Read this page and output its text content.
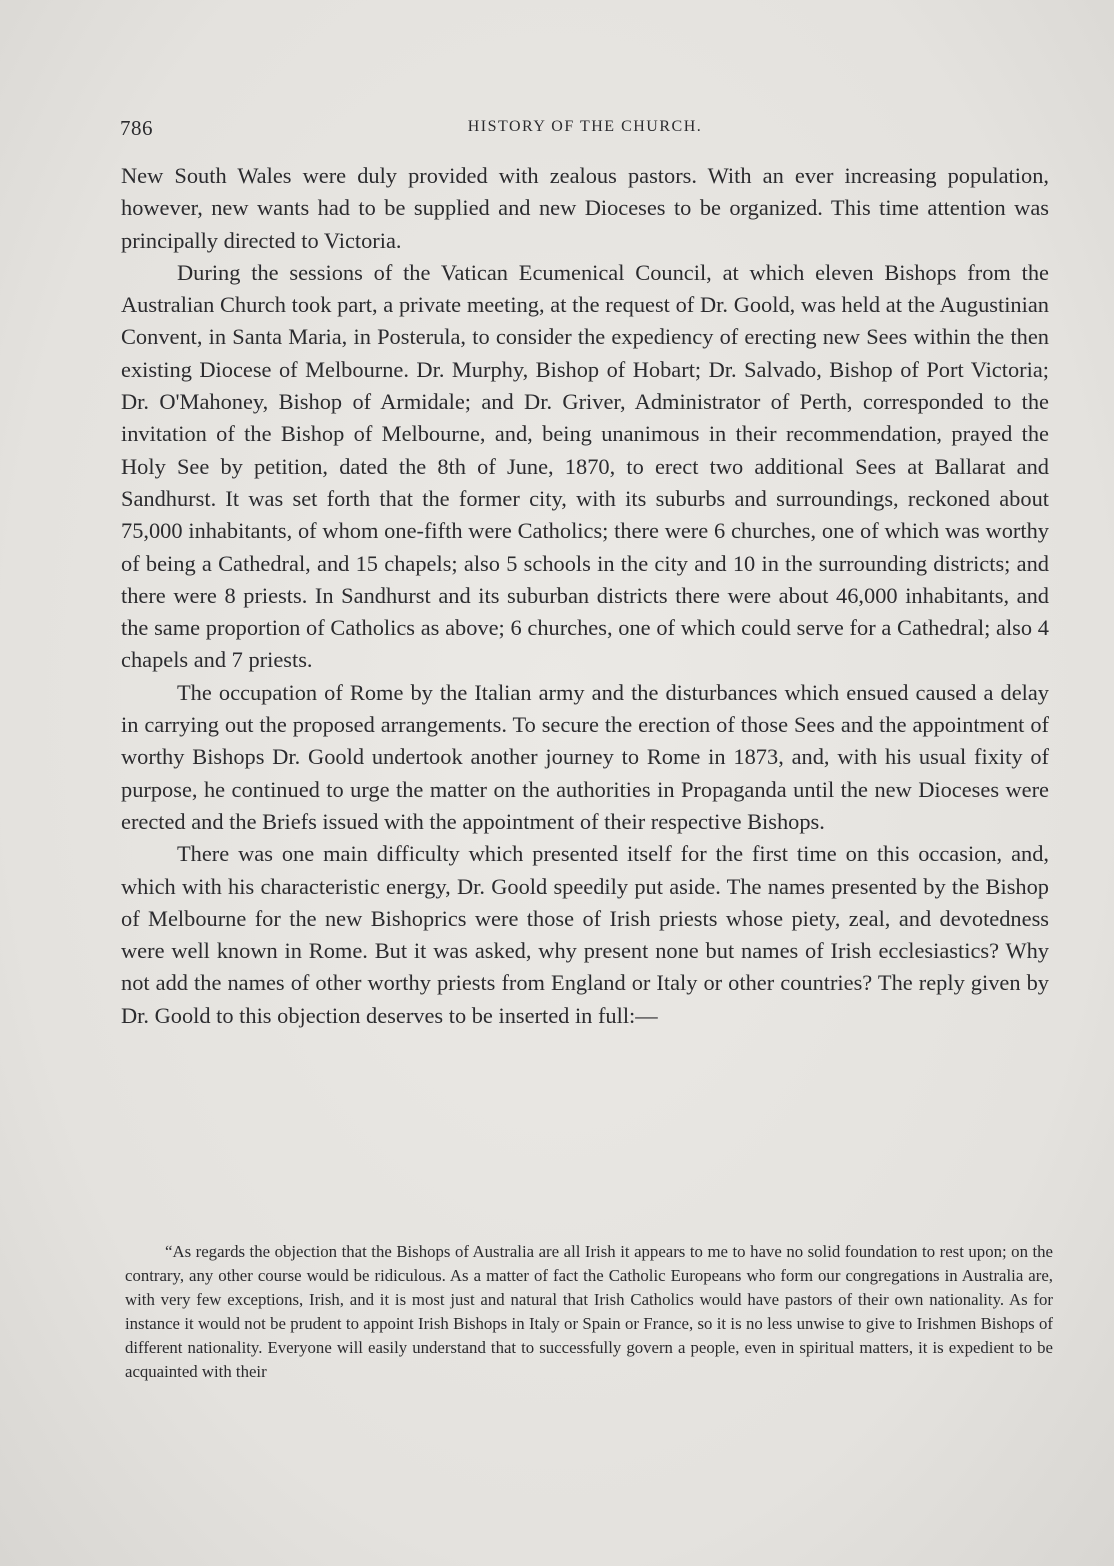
786	HISTORY OF THE CHURCH.

New South Wales were duly provided with zealous pastors. With an ever increasing population, however, new wants had to be supplied and new Dioceses to be organized. This time attention was principally directed to Victoria.

During the sessions of the Vatican Ecumenical Council, at which eleven Bishops from the Australian Church took part, a private meeting, at the request of Dr. Goold, was held at the Augustinian Convent, in Santa Maria, in Posterula, to consider the expediency of erecting new Sees within the then existing Diocese of Melbourne. Dr. Murphy, Bishop of Hobart; Dr. Salvado, Bishop of Port Victoria; Dr. O'Mahoney, Bishop of Armidale; and Dr. Griver, Administrator of Perth, corresponded to the invitation of the Bishop of Melbourne, and, being unanimous in their recommendation, prayed the Holy See by petition, dated the 8th of June, 1870, to erect two additional Sees at Ballarat and Sandhurst. It was set forth that the former city, with its suburbs and surroundings, reckoned about 75,000 inhabitants, of whom one-fifth were Catholics; there were 6 churches, one of which was worthy of being a Cathedral, and 15 chapels; also 5 schools in the city and 10 in the surrounding districts; and there were 8 priests. In Sandhurst and its suburban districts there were about 46,000 inhabitants, and the same proportion of Catholics as above; 6 churches, one of which could serve for a Cathedral; also 4 chapels and 7 priests.

The occupation of Rome by the Italian army and the disturbances which ensued caused a delay in carrying out the proposed arrangements. To secure the erection of those Sees and the appointment of worthy Bishops Dr. Goold undertook another journey to Rome in 1873, and, with his usual fixity of purpose, he continued to urge the matter on the authorities in Propaganda until the new Dioceses were erected and the Briefs issued with the appointment of their respective Bishops.

There was one main difficulty which presented itself for the first time on this occasion, and, which with his characteristic energy, Dr. Goold speedily put aside. The names presented by the Bishop of Melbourne for the new Bishoprics were those of Irish priests whose piety, zeal, and devotedness were well known in Rome. But it was asked, why present none but names of Irish ecclesiastics? Why not add the names of other worthy priests from England or Italy or other countries? The reply given by Dr. Goold to this objection deserves to be inserted in full:—

“As regards the objection that the Bishops of Australia are all Irish it appears to me to have no solid foundation to rest upon; on the contrary, any other course would be ridiculous. As a matter of fact the Catholic Europeans who form our congregations in Australia are, with very few exceptions, Irish, and it is most just and natural that Irish Catholics would have pastors of their own nationality. As for instance it would not be prudent to appoint Irish Bishops in Italy or Spain or France, so it is no less unwise to give to Irishmen Bishops of different nationality. Everyone will easily understand that to successfully govern a people, even in spiritual matters, it is expedient to be acquainted with their
